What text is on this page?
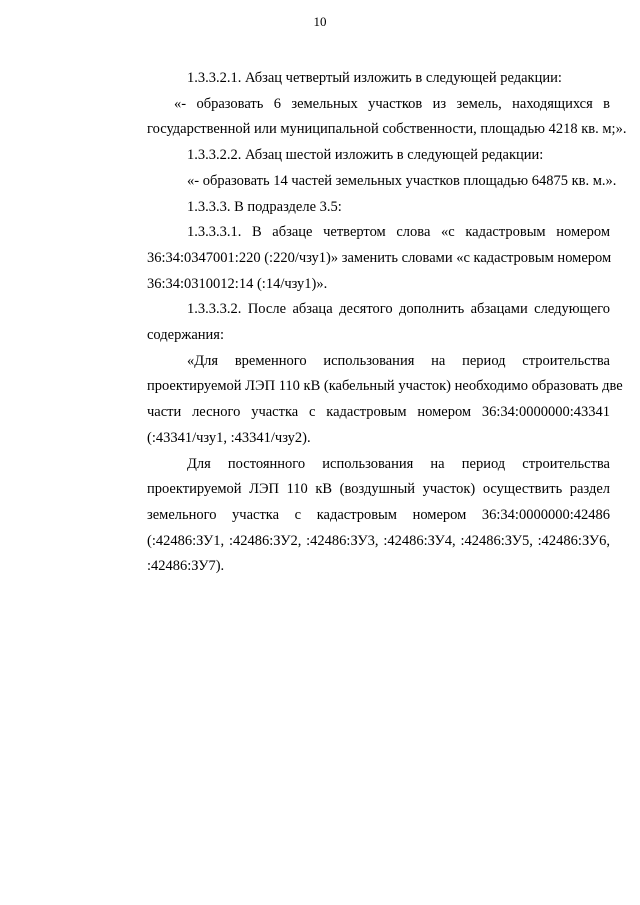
10
1.3.3.2.1. Абзац четвертый изложить в следующей редакции:
«- образовать 6 земельных участков из земель, находящихся в
государственной или муниципальной собственности, площадью 4218 кв. м;».
1.3.3.2.2. Абзац шестой изложить в следующей редакции:
«- образовать 14 частей земельных участков площадью 64875 кв. м.».
1.3.3.3. В подразделе 3.5:
1.3.3.3.1. В абзаце четвертом слова «с кадастровым номером
36:34:0347001:220 (:220/чзу1)» заменить словами «с кадастровым номером
36:34:0310012:14 (:14/чзу1)».
1.3.3.3.2. После абзаца десятого дополнить абзацами следующего
содержания:
«Для временного использования на период строительства
проектируемой ЛЭП 110 кВ (кабельный участок) необходимо образовать две
части лесного участка с кадастровым номером 36:34:0000000:43341
(:43341/чзу1, :43341/чзу2).
Для постоянного использования на период строительства
проектируемой ЛЭП 110 кВ (воздушный участок) осуществить раздел
земельного участка с кадастровым номером 36:34:0000000:42486
(:42486:ЗУ1, :42486:ЗУ2, :42486:ЗУ3, :42486:ЗУ4, :42486:ЗУ5, :42486:ЗУ6,
:42486:ЗУ7).
